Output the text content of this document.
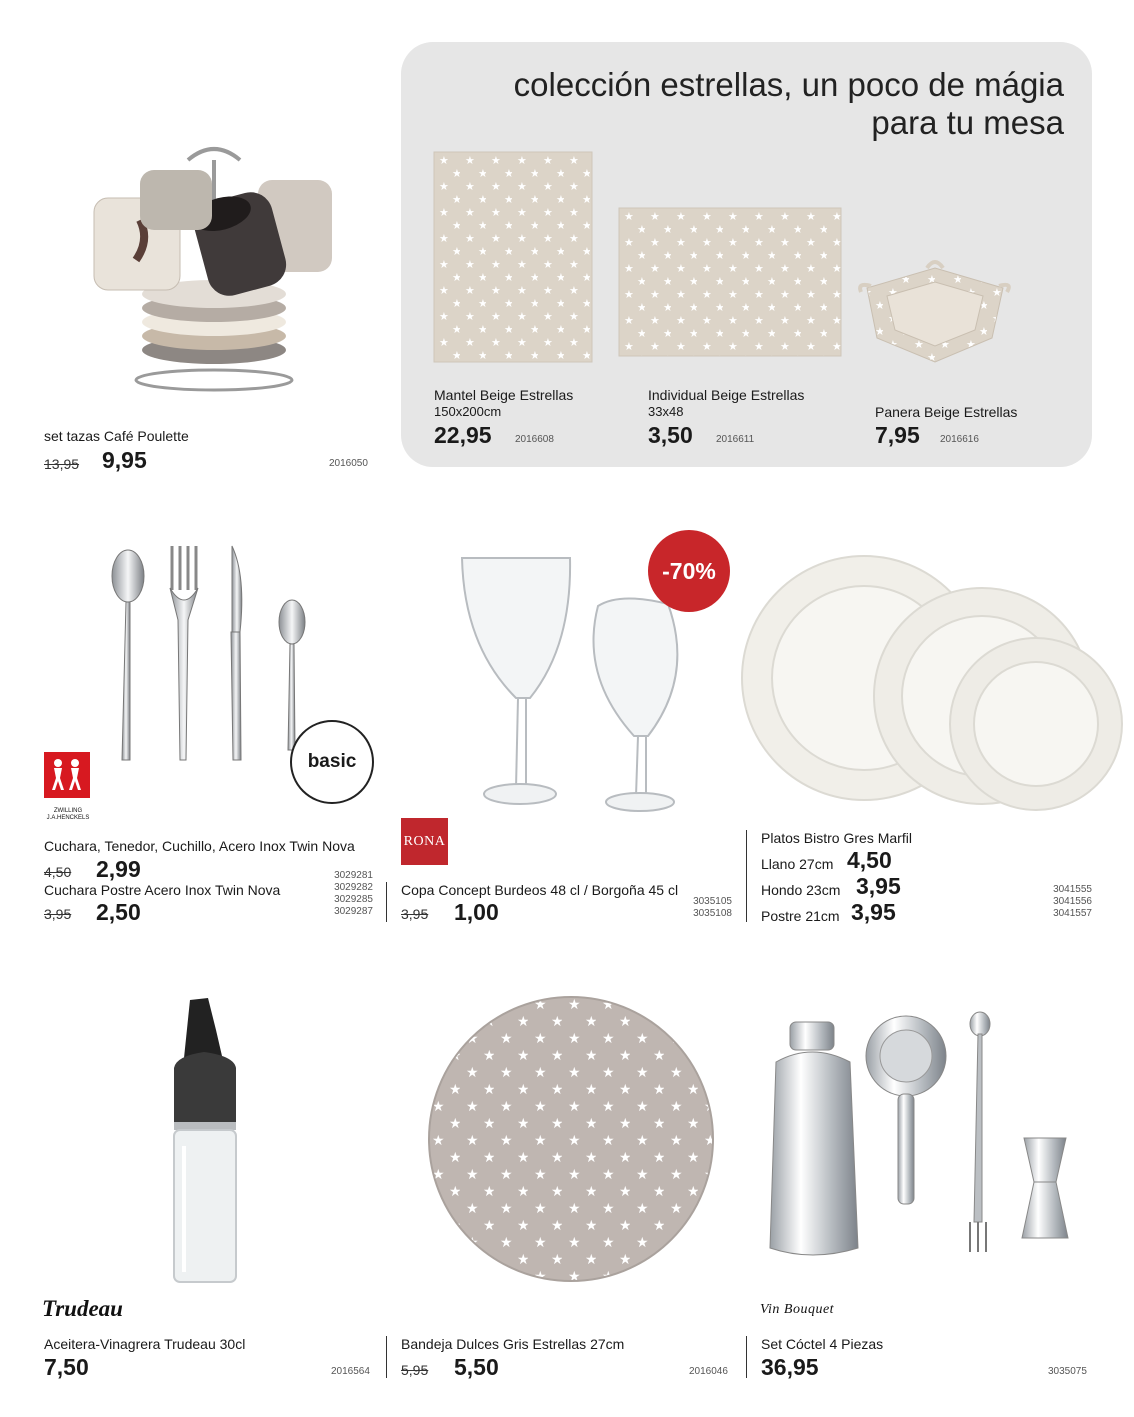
colección estrellas, un poco de mágia
para tu mesa
Mantel Beige Estrellas
150x200cm
22,95 2016608
Individual Beige Estrellas
33x48
3,50 2016611
Panera Beige Estrellas
7,95 2016616
set tazas Café Poulette
13,95 9,95	2016050
basic
ZWILLING
J.A.HENCKELS
Cuchara, Tenedor, Cuchillo, Acero Inox Twin Nova
4,50 2,99
Cuchara Postre Acero Inox Twin Nova
3,95 2,50
3029281
3029282
3029285
3029287
-70%
RONA
Copa Concept Burdeos 48 cl / Borgoña 45 cl
3,95 1,00	3035105
3035108
Platos Bistro Gres Marfil
Llano 27cm 4,50
Hondo 23cm 3,95
Postre 21cm 3,95
3041555
3041556
3041557
Trudeau
Aceitera-Vinagrera Trudeau 30cl
7,50	2016564
Bandeja Dulces Gris Estrellas 27cm
5,95 5,50	2016046
Vin Bouquet
Set Cóctel 4 Piezas
36,95	3035075
